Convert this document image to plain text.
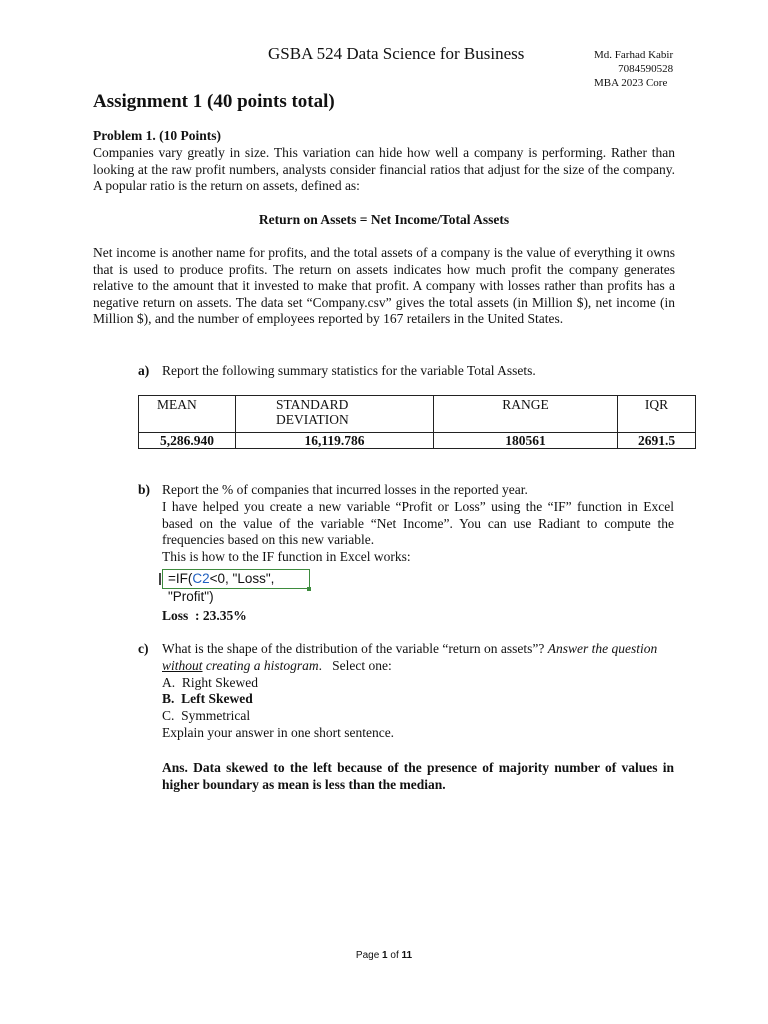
GSBA 524 Data Science for Business	Md. Farhad Kabir
7084590528
MBA 2023 Core
Assignment 1 (40 points total)
Problem 1. (10 Points)
Companies vary greatly in size. This variation can hide how well a company is performing. Rather than looking at the raw profit numbers, analysts consider financial ratios that adjust for the size of the company. A popular ratio is the return on assets, defined as:
Return on Assets = Net Income/Total Assets
Net income is another name for profits, and the total assets of a company is the value of everything it owns that is used to produce profits. The return on assets indicates how much profit the company generates relative to the amount that it invested to make that profit. A company with losses rather than profits has a negative return on assets. The data set “Company.csv” gives the total assets (in Million $), net income (in Million $), and the number of employees reported by 167 retailers in the United States.
a) Report the following summary statistics for the variable Total Assets.
MEAN	STANDARD DEVIATION	RANGE	IQR
5,286.940	16,119.786	180561	2691.5
b) Report the % of companies that incurred losses in the reported year.

I have helped you create a new variable “Profit or Loss” using the “IF” function in Excel based on the value of the variable “Net Income”. You can use Radiant to compute the frequencies based on this new variable.

This is how to the IF function in Excel works:

=IF(C2<0, "Loss", "Profit")
Loss  : 23.35%
c) What is the shape of the distribution of the variable “return on assets”? Answer the question without creating a histogram.   Select one:

A.  Right Skewed
B.  Left Skewed
C.  Symmetrical

Explain your answer in one short sentence.

Ans. Data skewed to the left because of the presence of majority number of values in higher boundary as mean is less than the median.
Page 1 of 11
